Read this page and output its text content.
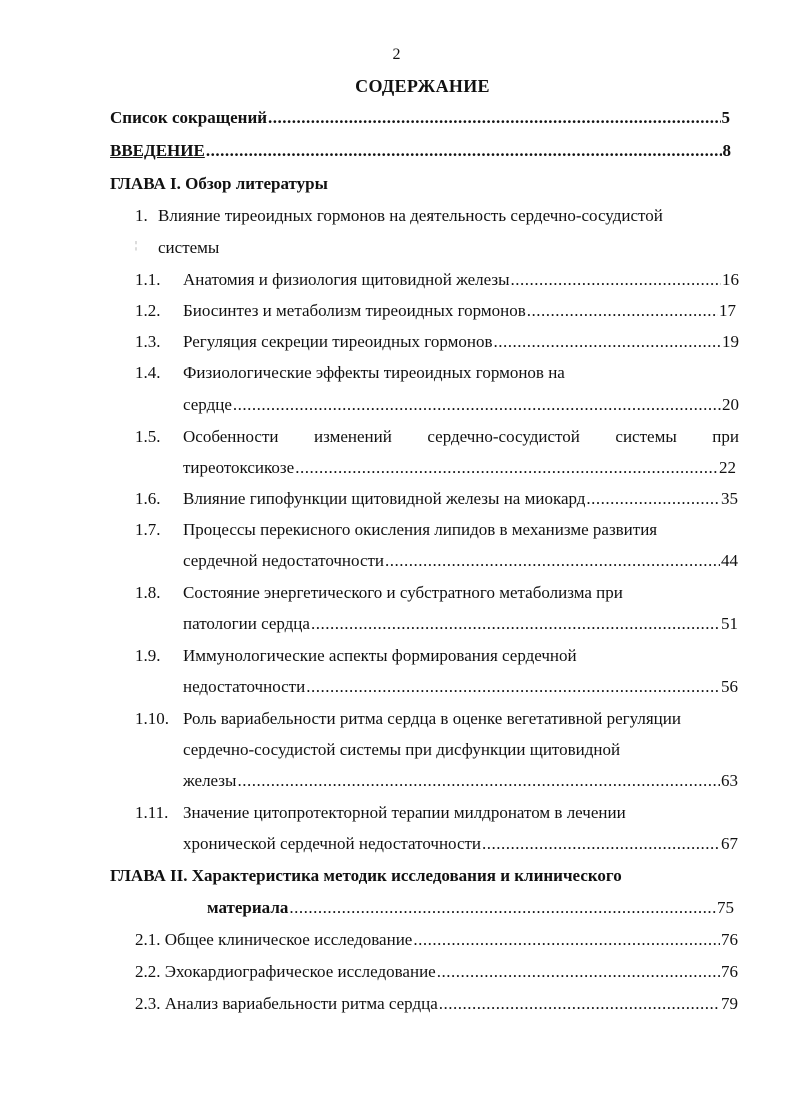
2
СОДЕРЖАНИЕ
Список сокращений .....	5
ВВЕДЕНИЕ .....	8
ГЛАВА I. Обзор литературы
1. Влияние тиреоидных гормонов на деятельность сердечно-сосудистой
¦ системы
1.1. Анатомия и физиология щитовидной железы .....	16
1.2. Биосинтез и метаболизм тиреоидных гормонов .....	17
1.3. Регуляция секреции тиреоидных гормонов .....	19
1.4. Физиологические эффекты тиреоидных гормонов на
сердце .....	20
1.5. Особенности изменений сердечно-сосудистой системы при
тиреотоксикозе .....	22
1.6. Влияние гипофункции щитовидной железы на миокард .....	35
1.7. Процессы перекисного окисления липидов в механизме развития
сердечной недостаточности .....	44
1.8. Состояние энергетического и субстратного метаболизма при
патологии сердца .....	51
1.9. Иммунологические аспекты формирования сердечной
недостаточности .....	56
1.10. Роль вариабельности ритма сердца в оценке вегетативной регуляции
сердечно-сосудистой системы при дисфункции щитовидной
железы .....	63
1.11. Значение цитопротекторной терапии милдронатом в лечении
хронической сердечной недостаточности .....	67
ГЛАВА II. Характеристика методик исследования и клинического
материала .....	75
2.1. Общее клиническое исследование .....	76
2.2. Эхокардиографическое исследование .....	76
2.3. Анализ вариабельности ритма сердца .....	79
